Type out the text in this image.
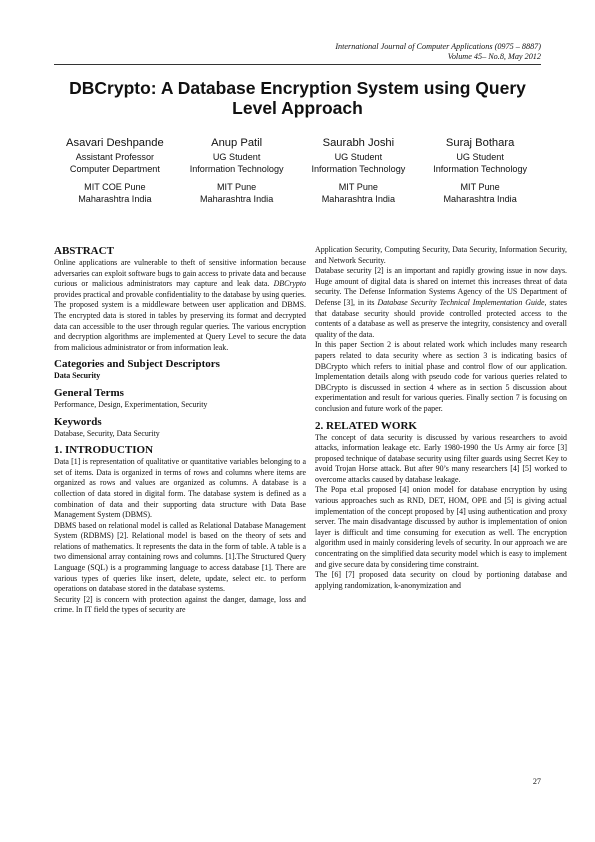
International Journal of Computer Applications (0975 – 8887)
Volume 45– No.8, May 2012
DBCrypto: A Database Encryption System using Query
Level Approach
Asavari Deshpande
Assistant Professor
Computer Department
MIT COE Pune
Maharashtra India
Anup Patil
UG Student
Information Technology
MIT Pune
Maharashtra India
Saurabh Joshi
UG Student
Information Technology
MIT Pune
Maharashtra India
Suraj Bothara
UG Student
Information Technology
MIT Pune
Maharashtra India
ABSTRACT

Online applications are vulnerable to theft of sensitive information because adversaries can exploit software bugs to gain access to private data and because curious or malicious administrators may capture and leak data. DBCrypto provides practical and provable confidentiality to the database by using queries. The proposed system is a middleware between user application and DBMS. The encrypted data is stored in tables by preserving its format and decrypted data can accessible to the user through regular queries. The various encryption and decryption algorithms are implemented at Query Level to secure the data from malicious administrator or from information leak.

Categories and Subject Descriptors

Data Security

General Terms

Performance, Design, Experimentation, Security

Keywords

Database, Security, Data Security

1. INTRODUCTION

Data [1] is representation of qualitative or quantitative variables belonging to a set of items. Data is organized in terms of rows and columns where items are organized as rows and values are organized as columns. A database is a collection of data stored in digital form. The database system is defined as a combination of data and their supporting data structure with Data Base Management System (DBMS).

DBMS based on relational model is called as Relational Database Management System (RDBMS) [2]. Relational model is based on the theory of sets and relations of mathematics. It represents the data in the form of table. A table is a two dimensional array containing rows and columns. [1].The Structured Query Language (SQL) is a programming language to access database [1]. There are various types of queries like insert, delete, update, select etc. to perform operations on database stored in the database systems.

Security [2] is concern with protection against the danger, damage, loss and crime. In IT field the types of security are

Application Security, Computing Security, Data Security, Information Security, and Network Security.

Database security [2] is an important and rapidly growing issue in now days. Huge amount of digital data is shared on internet this increases threat of data security. The Defense Information Systems Agency of the US Department of Defense [3], in its Database Security Technical Implementation Guide, states that database security should provide controlled protected access to the contents of a database as well as preserve the integrity, consistency and overall quality of the data.

In this paper Section 2 is about related work which includes many research papers related to data security where as section 3 is indicating basics of DBCrypto which refers to initial phase and control flow of our application. Implementation details along with pseudo code for various queries related to DBCrypto is discussed in section 4 where as in section 5 discussion about experimentation and result for various queries. Finally section 7 is focusing on conclusion and future work of the paper.

2. RELATED WORK

The concept of data security is discussed by various researchers to avoid attacks, information leakage etc. Early 1980-1990 the Us Army air force [3] proposed technique of database security using filter guards using Secret Key to avoid Trojan Horse attack. But after 90’s many researchers [4] [5] worked to overcome attacks caused by database leakage.

The Popa et.al proposed [4] onion model for database encryption by using various approaches such as RND, DET, HOM, OPE and [5] is giving actual implementation of the concept proposed by [4] using authentication and proxy server. The main disadvantage discussed by author is implementation of onion layer is difficult and time consuming for execution as well. The encryption algorithm used in mainly considering levels of security. In our approach we are concentrating on the simplified data security model which is easy to implement and give secure data by considering time constraint.

The [6] [7] proposed data security on cloud by portioning database and applying randomization, k-anonymization and

27
